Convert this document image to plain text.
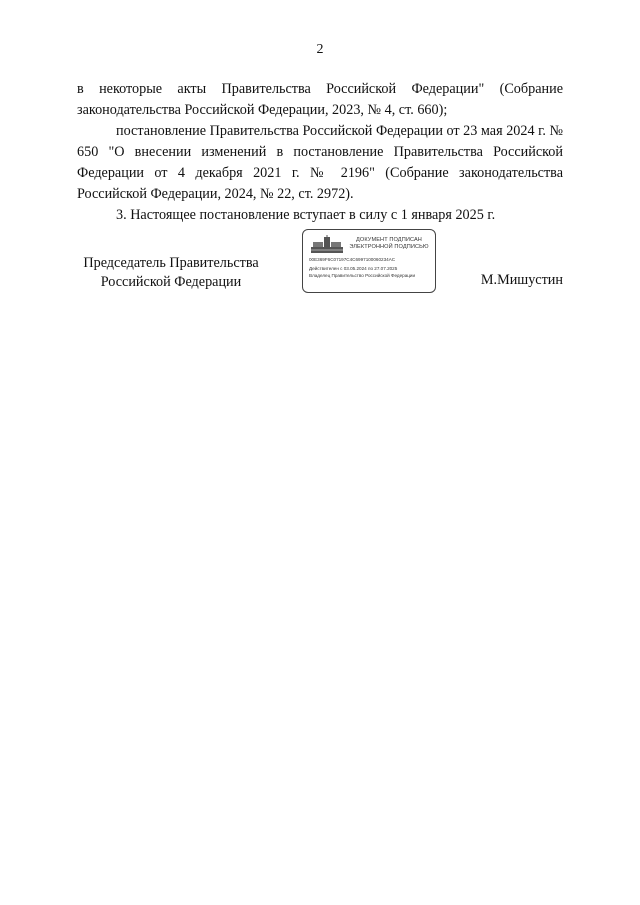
2

в некоторые акты Правительства Российской Федерации" (Собрание законодательства Российской Федерации, 2023, № 4, ст. 660);

постановление Правительства Российской Федерации от 23 мая 2024 г. № 650 "О внесении изменений в постановление Правительства Российской Федерации от 4 декабря 2021 г. № 2196" (Собрание законодательства Российской Федерации, 2024, № 22, ст. 2972).

3. Настоящее постановление вступает в силу с 1 января 2025 г.

Председатель Правительства
Российской Федерации
ДОКУМЕНТ ПОДПИСАН
ЭЛЕКТРОННОЙ ПОДПИСЬЮ
00E369F6C07197C4C6997100060234AC
Действителен с 03.05.2024 по 27.07.2025
Владелец Правительство Российской Федерации	М.Мишустин
